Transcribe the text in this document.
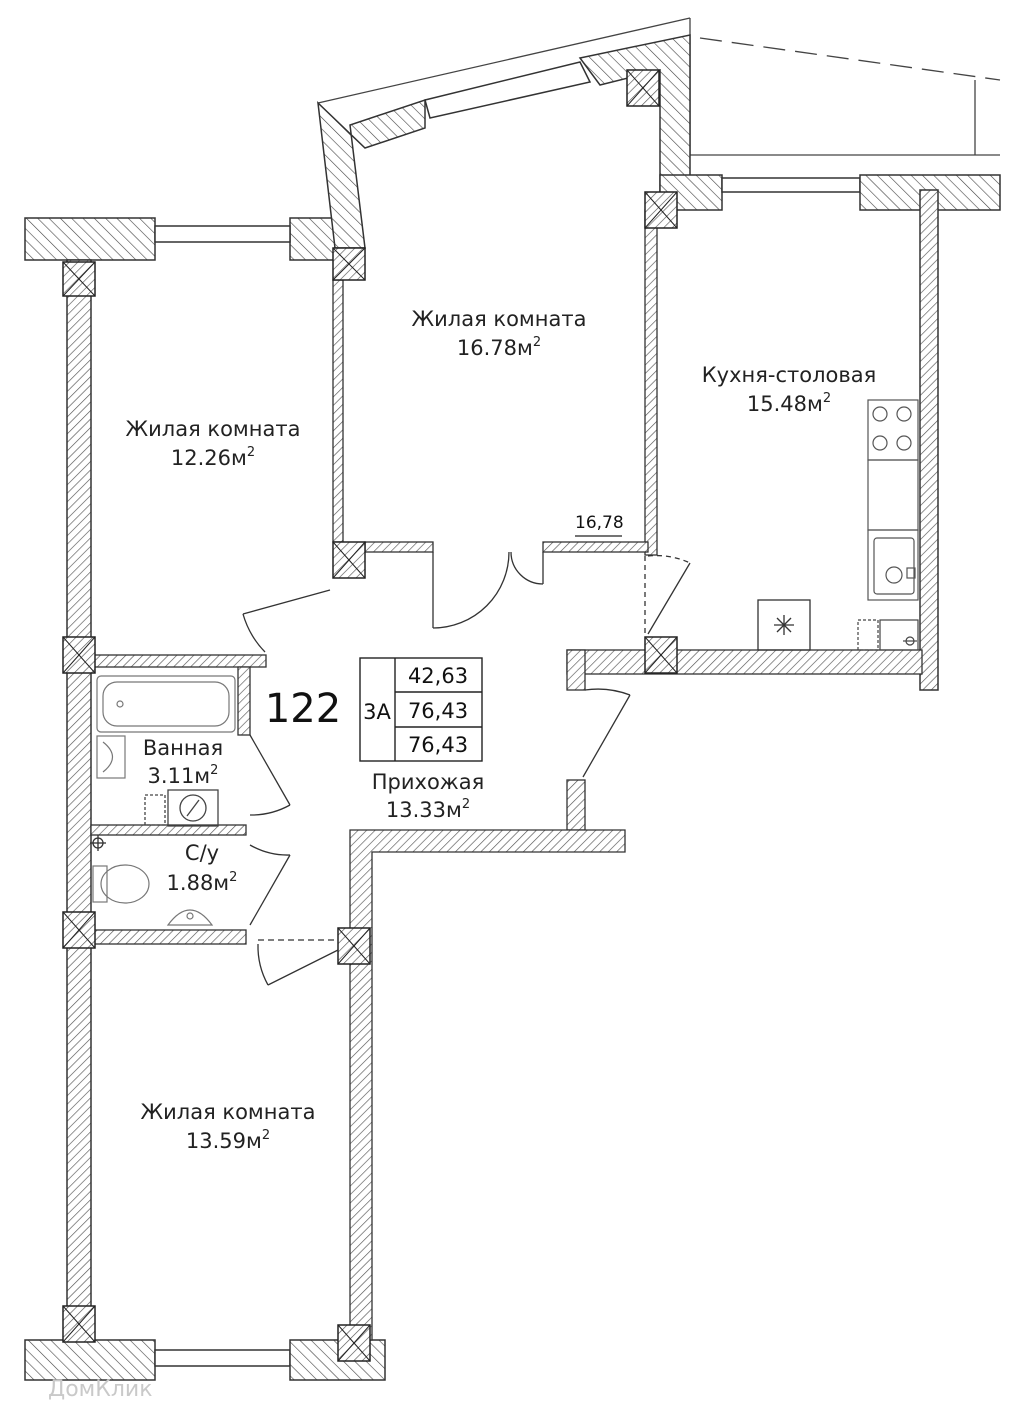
16,78
Жилая комната
$12.26м^2$
Жилая комната
$16.78м^2$
Кухня-столовая
$15.48м^2$
Ванная
$3.11м^2$
С/у
$1.88м^2$
Прихожая
$13.33м^2$
Жилая комната
$13.59м^2$
122 3А
42,63
76,43
76,43
ДомКлик
